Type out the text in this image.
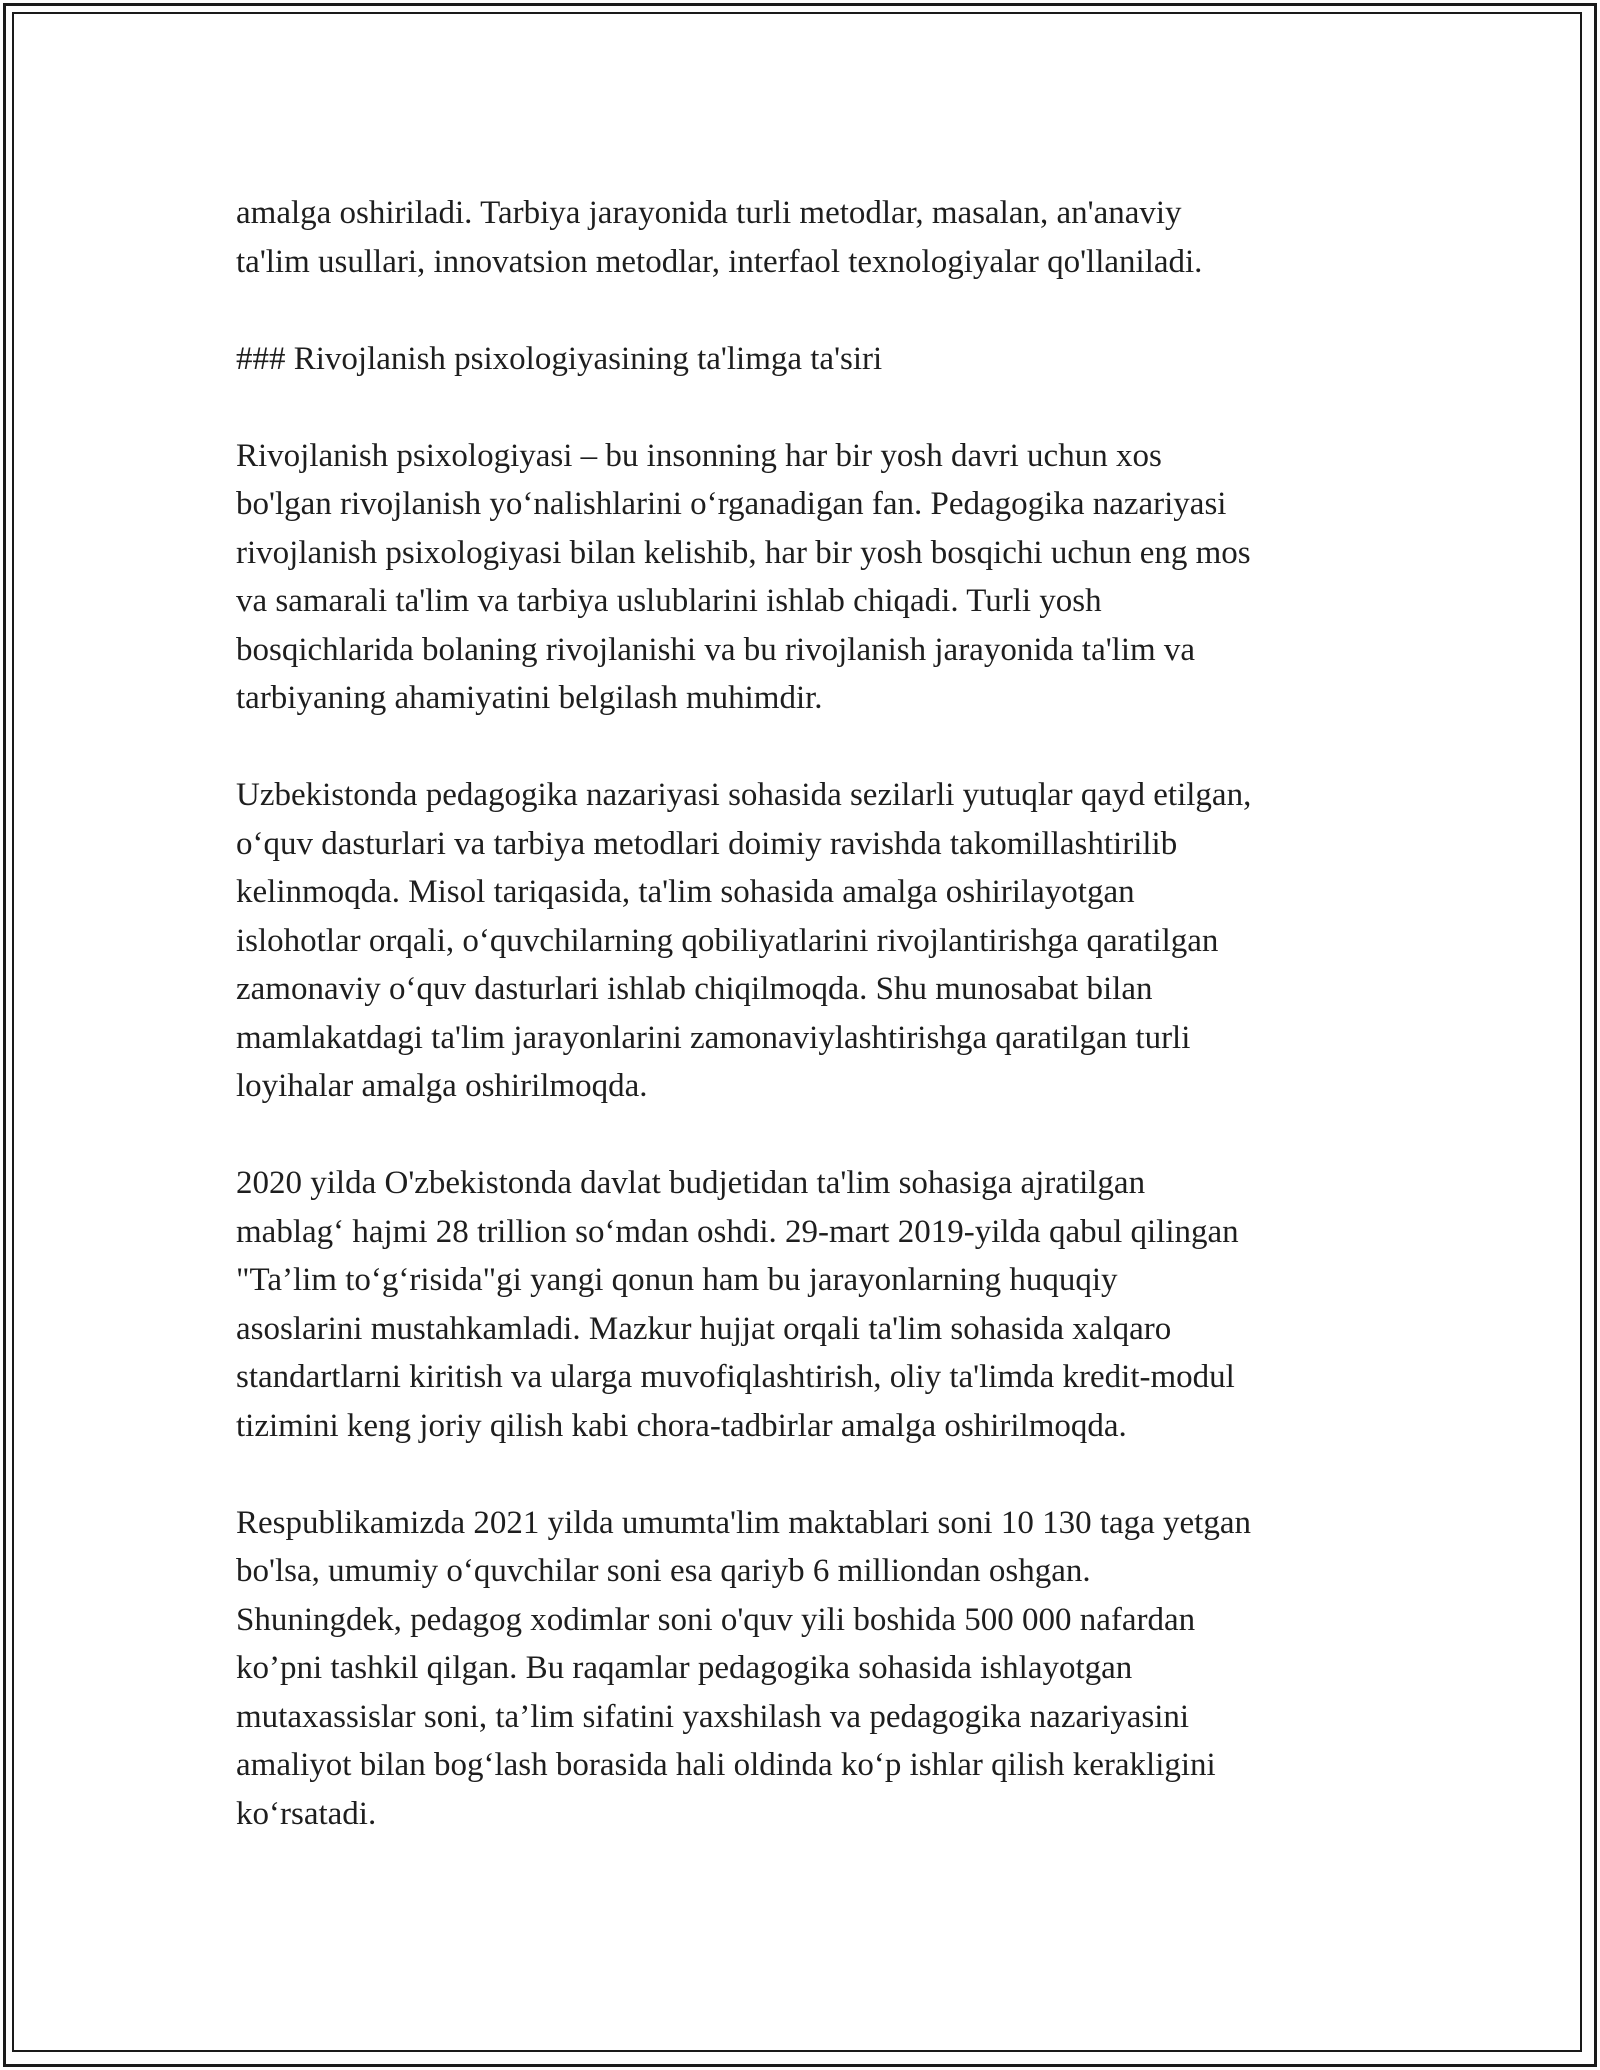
amalga oshiriladi. Tarbiya jarayonida turli metodlar, masalan, an'anaviy
ta'lim usullari, innovatsion metodlar, interfaol texnologiyalar qo'llaniladi.

### Rivojlanish psixologiyasining ta'limga ta'siri

Rivojlanish psixologiyasi – bu insonning har bir yosh davri uchun xos
bo'lgan rivojlanish yo‘nalishlarini o‘rganadigan fan. Pedagogika nazariyasi
rivojlanish psixologiyasi bilan kelishib, har bir yosh bosqichi uchun eng mos
va samarali ta'lim va tarbiya uslublarini ishlab chiqadi. Turli yosh
bosqichlarida bolaning rivojlanishi va bu rivojlanish jarayonida ta'lim va
tarbiyaning ahamiyatini belgilash muhimdir.

Uzbekistonda pedagogika nazariyasi sohasida sezilarli yutuqlar qayd etilgan,
o‘quv dasturlari va tarbiya metodlari doimiy ravishda takomillashtirilib
kelinmoqda. Misol tariqasida, ta'lim sohasida amalga oshirilayotgan
islohotlar orqali, o‘quvchilarning qobiliyatlarini rivojlantirishga qaratilgan
zamonaviy o‘quv dasturlari ishlab chiqilmoqda. Shu munosabat bilan
mamlakatdagi ta'lim jarayonlarini zamonaviylashtirishga qaratilgan turli
loyihalar amalga oshirilmoqda.

2020 yilda O'zbekistonda davlat budjetidan ta'lim sohasiga ajratilgan
mablag‘ hajmi 28 trillion so‘mdan oshdi. 29-mart 2019-yilda qabul qilingan
"Ta’lim to‘g‘risida"gi yangi qonun ham bu jarayonlarning huquqiy
asoslarini mustahkamladi. Mazkur hujjat orqali ta'lim sohasida xalqaro
standartlarni kiritish va ularga muvofiqlashtirish, oliy ta'limda kredit-modul
tizimini keng joriy qilish kabi chora-tadbirlar amalga oshirilmoqda.

Respublikamizda 2021 yilda umumta'lim maktablari soni 10 130 taga yetgan
bo'lsa, umumiy o‘quvchilar soni esa qariyb 6 milliondan oshgan.
Shuningdek, pedagog xodimlar soni o'quv yili boshida 500 000 nafardan
ko’pni tashkil qilgan. Bu raqamlar pedagogika sohasida ishlayotgan
mutaxassislar soni, ta’lim sifatini yaxshilash va pedagogika nazariyasini
amaliyot bilan bog‘lash borasida hali oldinda ko‘p ishlar qilish kerakligini
ko‘rsatadi.
